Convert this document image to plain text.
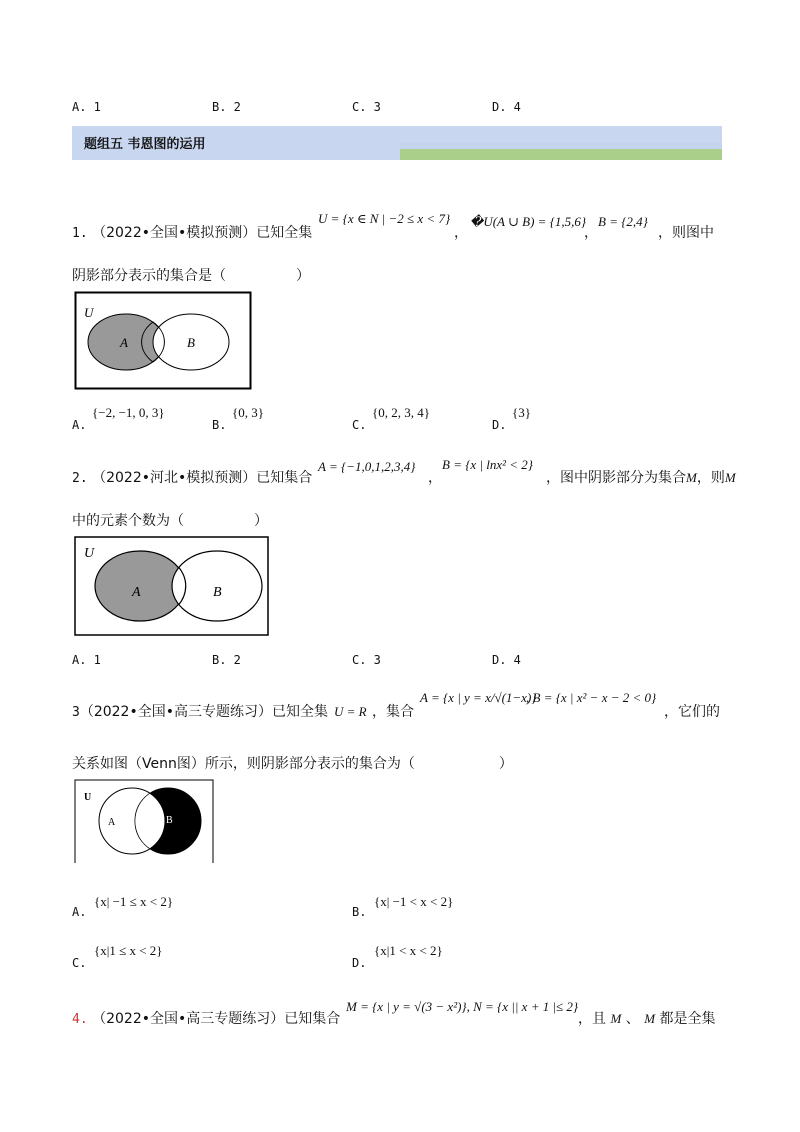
A. 1	B. 2	C. 3	D. 4
题组五 韦恩图的运用
1. （2022•全国•模拟预测）已知全集
U = {x ∈ N | −2 ≤ x < 7}
，
�U(A ∪ B) = {1,5,6}
，
B = {2,4}
，则图中
阴影部分表示的集合是（　　　　　）
U
A	B
A.
{−2, −1, 0, 3}
B.
{0, 3}
C.
{0, 2, 3, 4}
D.
{3}
2. （2022•河北•模拟预测）已知集合
A = {−1,0,1,2,3,4}
，
B = {x | lnx² < 2}
，图中阴影部分为集合M，则M
中的元素个数为（　　　　　）
U
A	B
A. 1	B. 2	C. 3	D. 4
3（2022•全国•高三专题练习）已知全集 U = R ，集合
A = {x | y = x/√(1−x)}
, B = {x | x² − x − 2 < 0}
，它们的
关系如图（Venn图）所示，则阴影部分表示的集合为（　　　　　　）
U
A	B
A.
{x| −1 ≤ x < 2}
B.
{x| −1 < x < 2}
C.
{x|1 ≤ x < 2}
D.
{x|1 < x < 2}
4. （2022•全国•高三专题练习）已知集合
M = {x | y = √(3 − x²)}, N = {x || x + 1 |≤ 2}
，且 M 、 M 都是全集
